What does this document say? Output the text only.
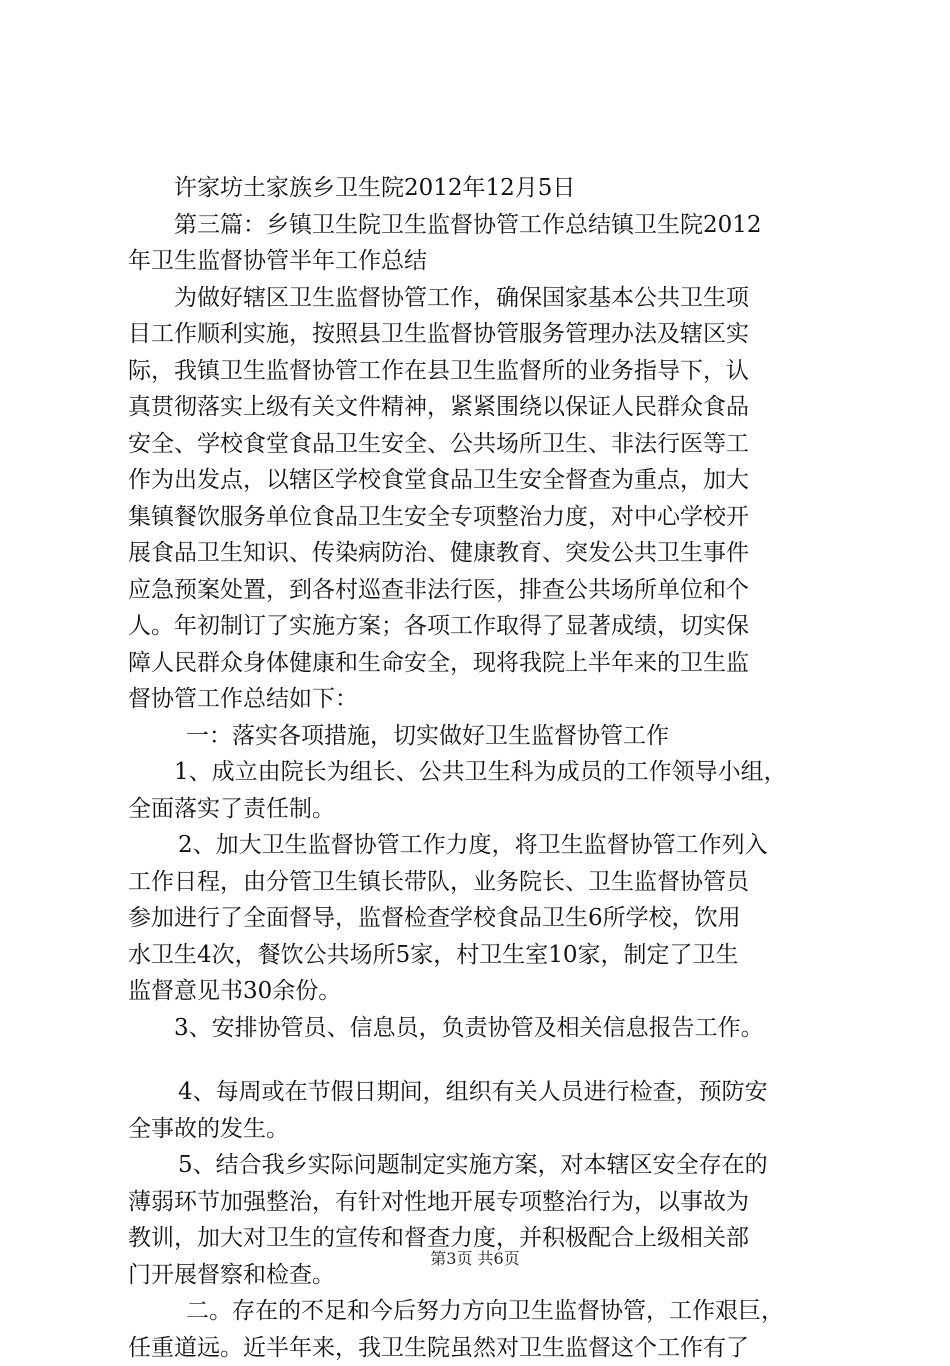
许家坊土家族乡卫生院2012年12月5日
第三篇：乡镇卫生院卫生监督协管工作总结镇卫生院2012
年卫生监督协管半年工作总结
为做好辖区卫生监督协管工作，确保国家基本公共卫生项
目工作顺利实施，按照县卫生监督协管服务管理办法及辖区实
际，我镇卫生监督协管工作在县卫生监督所的业务指导下，认
真贯彻落实上级有关文件精神，紧紧围绕以保证人民群众食品
安全、学校食堂食品卫生安全、公共场所卫生、非法行医等工
作为出发点，以辖区学校食堂食品卫生安全督查为重点，加大
集镇餐饮服务单位食品卫生安全专项整治力度，对中心学校开
展食品卫生知识、传染病防治、健康教育、突发公共卫生事件
应急预案处置，到各村巡查非法行医，排查公共场所单位和个
人。年初制订了实施方案；各项工作取得了显著成绩，切实保
障人民群众身体健康和生命安全，现将我院上半年来的卫生监
督协管工作总结如下：
一：落实各项措施，切实做好卫生监督协管工作
1、成立由院长为组长、公共卫生科为成员的工作领导小组，
全面落实了责任制。
2、加大卫生监督协管工作力度，将卫生监督协管工作列入
工作日程，由分管卫生镇长带队，业务院长、卫生监督协管员
参加进行了全面督导，监督检查学校食品卫生6所学校，饮用
水卫生4次，餐饮公共场所5家，村卫生室10家，制定了卫生
监督意见书30余份。
3、安排协管员、信息员，负责协管及相关信息报告工作。
4、每周或在节假日期间，组织有关人员进行检查，预防安
全事故的发生。
5、结合我乡实际问题制定实施方案，对本辖区安全存在的
薄弱环节加强整治，有针对性地开展专项整治行为，以事故为
教训，加大对卫生的宣传和督查力度，并积极配合上级相关部
门开展督察和检查。
二。存在的不足和今后努力方向卫生监督协管，工作艰巨，
任重道远。近半年来，我卫生院虽然对卫生监督这个工作有了
第3页 共6页
